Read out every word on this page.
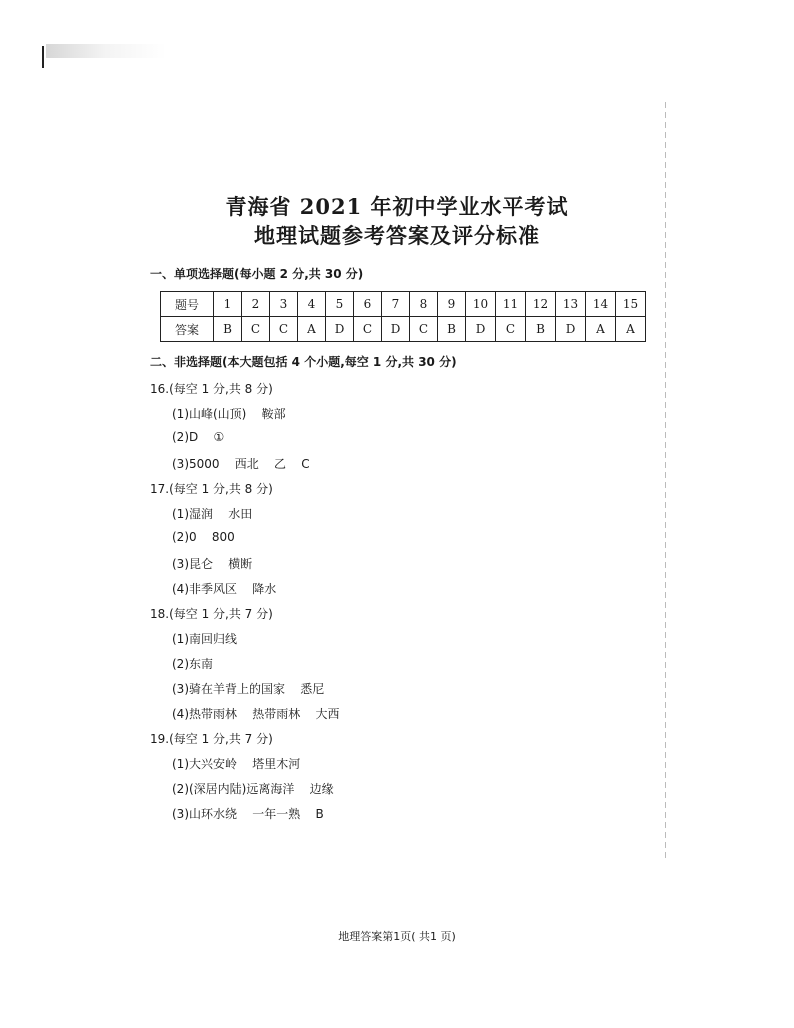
青海省 2021 年初中学业水平考试
地理试题参考答案及评分标准
一、单项选择题(每小题 2 分,共 30 分)
题号	1	2	3	4	5	6	7	8	9	10	11	12	13	14	15
答案	B	C	C	A	D	C	D	C	B	D	C	B	D	A	A
二、非选择题(本大题包括 4 个小题,每空 1 分,共 30 分)
16.(每空 1 分,共 8 分)
(1)山峰(山顶)    鞍部
(2)D    ①
(3)5000    西北    乙    C
17.(每空 1 分,共 8 分)
(1)湿润    水田
(2)0    800
(3)昆仑    横断
(4)非季风区    降水
18.(每空 1 分,共 7 分)
(1)南回归线
(2)东南
(3)骑在羊背上的国家    悉尼
(4)热带雨林    热带雨林    大西
19.(每空 1 分,共 7 分)
(1)大兴安岭    塔里木河
(2)(深居内陆)远离海洋    边缘
(3)山环水绕    一年一熟    B
地理答案第1页( 共1 页)
